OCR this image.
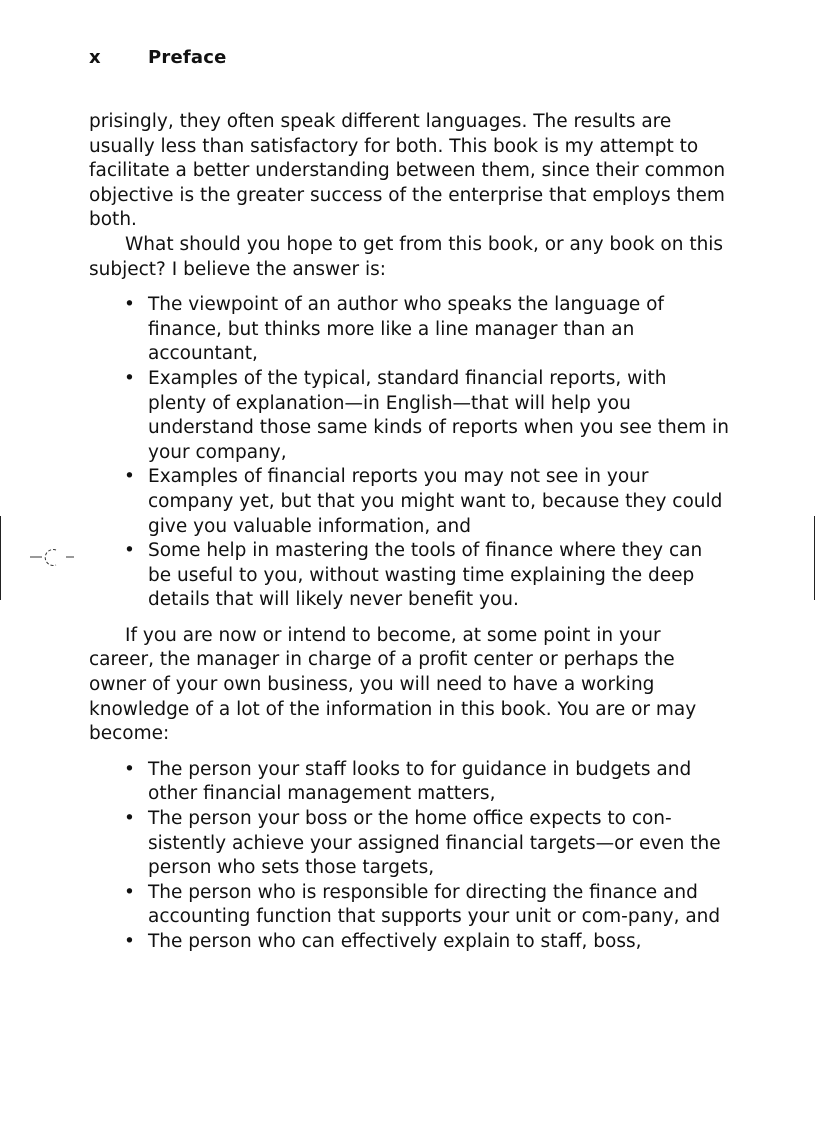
x	Preface

prisingly, they often speak different languages. The results are usually less than satisfactory for both. This book is my attempt to facilitate a better understanding between them, since their common objective is the greater success of the enterprise that employs them both.

What should you hope to get from this book, or any book on this subject? I believe the answer is:

• The viewpoint of an author who speaks the language of finance, but thinks more like a line manager than an accountant,
• Examples of the typical, standard financial reports, with plenty of explanation—in English—that will help you understand those same kinds of reports when you see them in your company,
• Examples of financial reports you may not see in your company yet, but that you might want to, because they could give you valuable information, and
• Some help in mastering the tools of finance where they can be useful to you, without wasting time explaining the deep details that will likely never benefit you.

If you are now or intend to become, at some point in your career, the manager in charge of a profit center or perhaps the owner of your own business, you will need to have a working knowledge of a lot of the information in this book. You are or may become:

• The person your staff looks to for guidance in budgets and other financial management matters,
• The person your boss or the home office expects to con-sistently achieve your assigned financial targets—or even the person who sets those targets,
• The person who is responsible for directing the finance and accounting function that supports your unit or com-pany, and
• The person who can effectively explain to staff, boss,
